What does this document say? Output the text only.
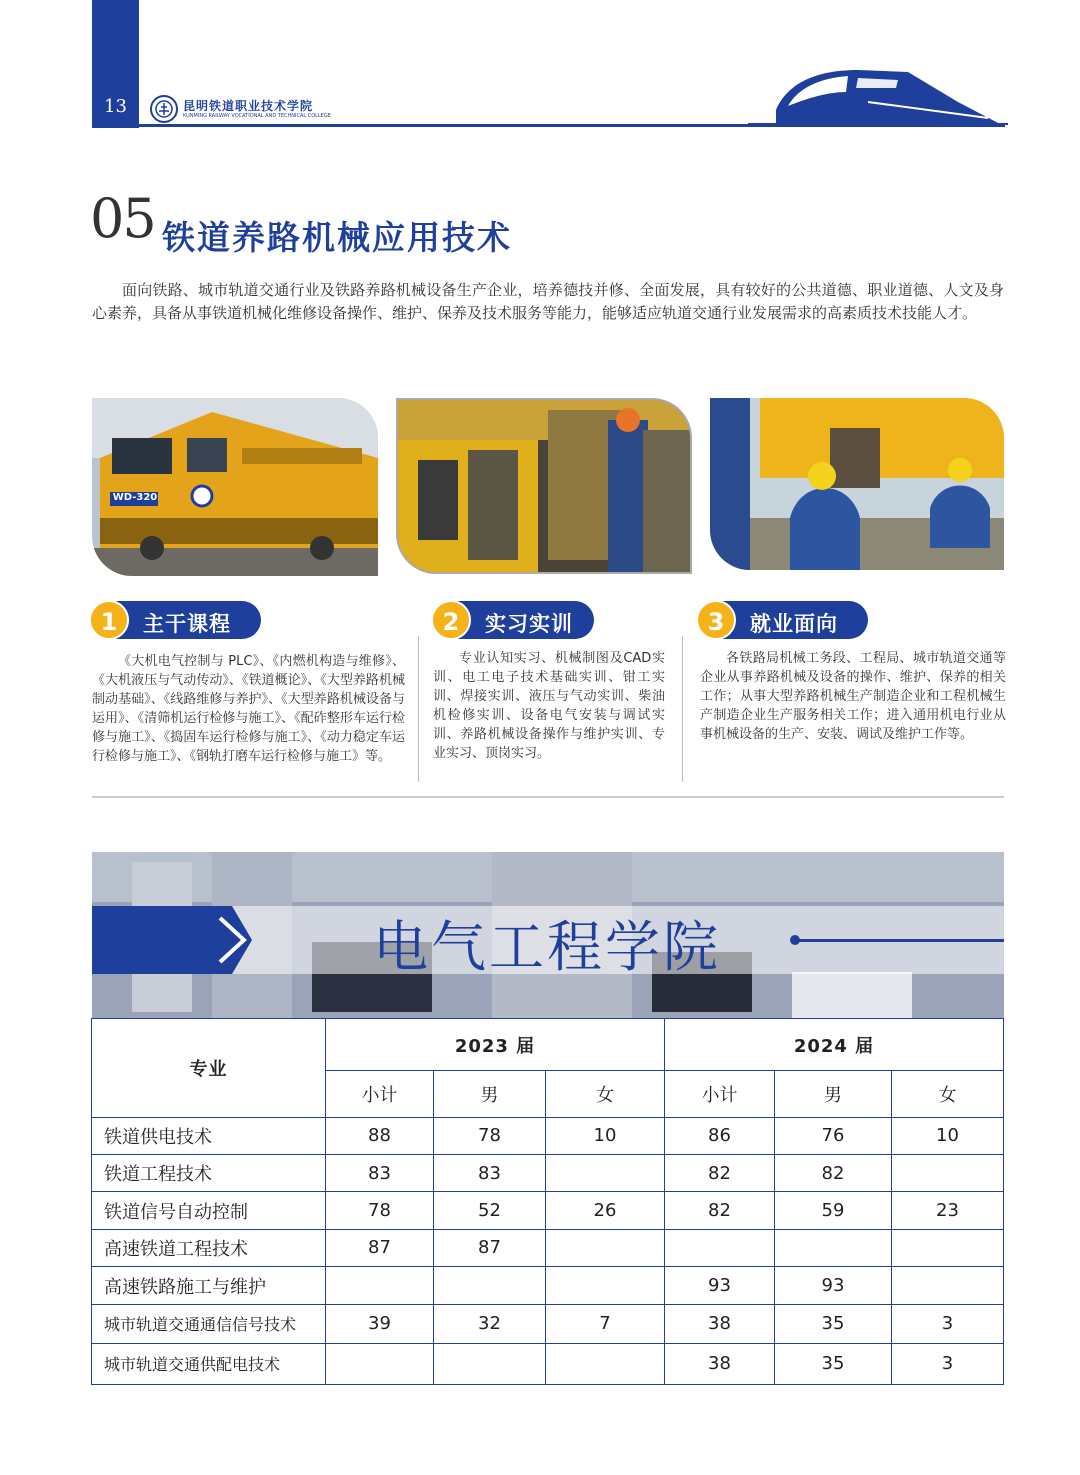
13	昆明铁道职业技术学院
KUNMING RAILWAY VOCATIONAL AND TECHNICAL COLLEGE
05 铁道养路机械应用技术
面向铁路、城市轨道交通行业及铁路养路机械设备生产企业，培养德技并修、全面发展，具有较好的公共道德、职业道德、人文及身心素养，具备从事铁道机械化维修设备操作、维护、保养及技术服务等能力，能够适应轨道交通行业发展需求的高素质技术技能人才。
WD-320
1	主干课程	2	实习实训	3	就业面向
《大机电气控制与 PLC》、《内燃机构造与维修》、《大机液压与气动传动》、《铁道概论》、《大型养路机械制动基础》、《线路维修与养护》、《大型养路机械设备与运用》、《清筛机运行检修与施工》、《配砟整形车运行检修与施工》、《捣固车运行检修与施工》、《动力稳定车运行检修与施工》、《钢轨打磨车运行检修与施工》等。
专业认知实习、机械制图及CAD实训、电工电子技术基础实训、钳工实训、焊接实训、液压与气动实训、柴油机检修实训、设备电气安装与调试实训、养路机械设备操作与维护实训、专业实习、顶岗实习。
各铁路局机械工务段、工程局、城市轨道交通等企业从事养路机械及设备的操作、维护、保养的相关工作；从事大型养路机械生产制造企业和工程机械生产制造企业生产服务相关工作；进入通用机电行业从事机械设备的生产、安装、调试及维护工作等。
电气工程学院
专业	2023 届			2024 届		
	小计	男	女	小计	男	女
铁道供电技术	88	78	10	86	76	10
铁道工程技术	83	83		82	82	
铁道信号自动控制	78	52	26	82	59	23
高速铁道工程技术	87	87				
高速铁路施工与维护				93	93	
城市轨道交通通信信号技术	39	32	7	38	35	3
城市轨道交通供配电技术				38	35	3
